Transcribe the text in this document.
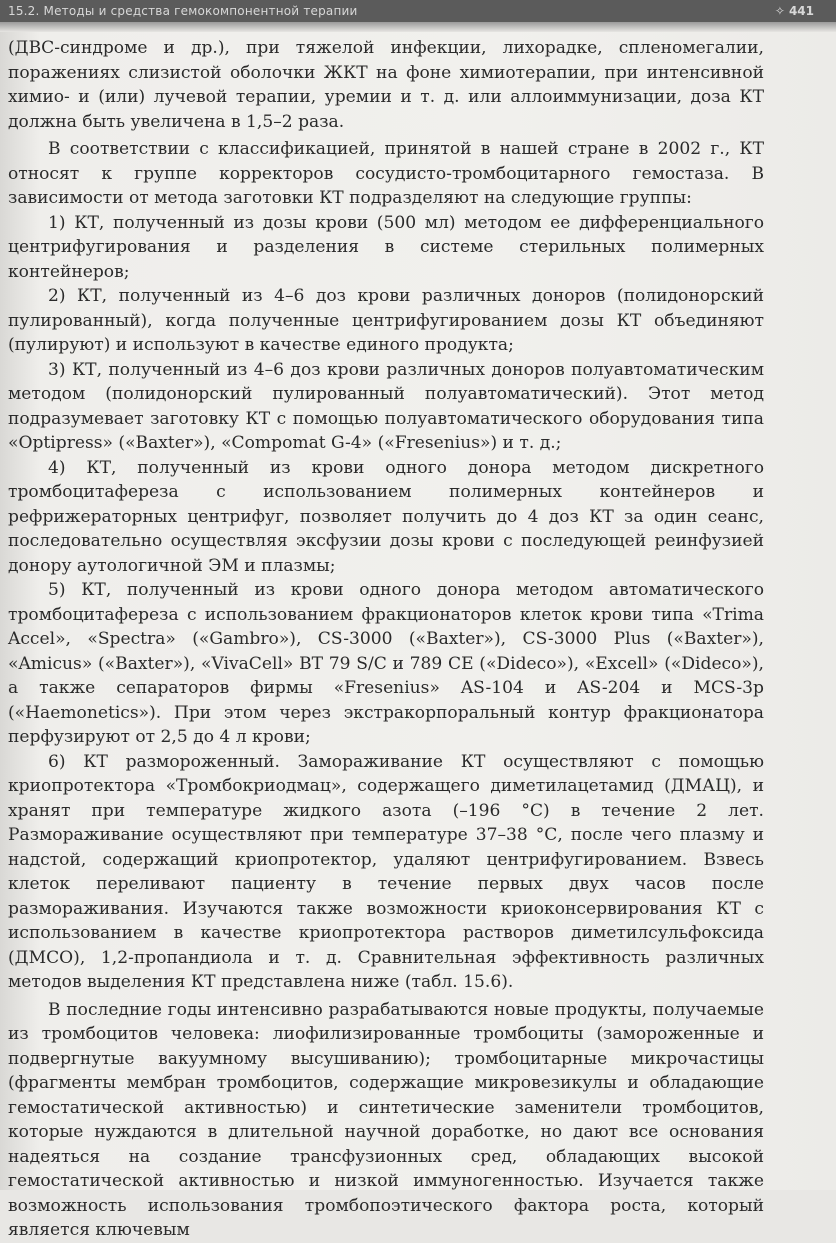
15.2. Методы и средства гемокомпонентной терапии	✧ 441

(ДВС-синдроме и др.), при тяжелой инфекции, лихорадке, спленомегалии, поражениях слизистой оболочки ЖКТ на фоне химиотерапии, при интенсивной химио- и (или) лучевой терапии, уремии и т. д. или аллоиммунизации, доза КТ должна быть увеличена в 1,5–2 раза.

В соответствии с классификацией, принятой в нашей стране в 2002 г., КТ относят к группе корректоров сосудисто-тромбоцитарного гемостаза. В зависимости от метода заготовки КТ подразделяют на следующие группы:

1) КТ, полученный из дозы крови (500 мл) методом ее дифференциального центрифугирования и разделения в системе стерильных полимерных контейнеров;

2) КТ, полученный из 4–6 доз крови различных доноров (полидонорский пулированный), когда полученные центрифугированием дозы КТ объединяют (пулируют) и используют в качестве единого продукта;

3) КТ, полученный из 4–6 доз крови различных доноров полуавтоматическим методом (полидонорский пулированный полуавтоматический). Этот метод подразумевает заготовку КТ с помощью полуавтоматического оборудования типа «Optipress» («Baxter»), «Compomat G-4» («Fresenius») и т. д.;

4) КТ, полученный из крови одного донора методом дискретного тромбоцитафереза с использованием полимерных контейнеров и рефрижераторных центрифуг, позволяет получить до 4 доз КТ за один сеанс, последовательно осуществляя эксфузии дозы крови с последующей реинфузией донору аутологичной ЭМ и плазмы;

5) КТ, полученный из крови одного донора методом автоматического тромбоцитафереза с использованием фракционаторов клеток крови типа «Trima Accel», «Spectra» («Gambro»), CS-3000 («Baxter»), CS-3000 Plus («Baxter»), «Amicus» («Baxter»), «VivaCell» BT 79 S/C и 789 CE («Dideco»), «Excell» («Dideco»), а также сепараторов фирмы «Fresenius» AS-104 и AS-204 и MCS-3p («Haemonetics»). При этом через экстракорпоральный контур фракционатора перфузируют от 2,5 до 4 л крови;

6) КТ размороженный. Замораживание КТ осуществляют с помощью криопротектора «Тромбокриодмац», содержащего диметилацетамид (ДМАЦ), и хранят при температуре жидкого азота (–196 °С) в течение 2 лет. Размораживание осуществляют при температуре 37–38 °С, после чего плазму и надстой, содержащий криопротектор, удаляют центрифугированием. Взвесь клеток переливают пациенту в течение первых двух часов после размораживания. Изучаются также возможности криоконсервирования КТ с использованием в качестве криопротектора растворов диметилсульфоксида (ДМСО), 1,2-пропандиола и т. д. Сравнительная эффективность различных методов выделения КТ представлена ниже (табл. 15.6).

В последние годы интенсивно разрабатываются новые продукты, получаемые из тромбоцитов человека: лиофилизированные тромбоциты (замороженные и подвергнутые вакуумному высушиванию); тромбоцитарные микрочастицы (фрагменты мембран тромбоцитов, содержащие микровезикулы и обладающие гемостатической активностью) и синтетические заменители тромбоцитов, которые нуждаются в длительной научной доработке, но дают все основания надеяться на создание трансфузионных сред, обладающих высокой гемостатической активностью и низкой иммуногенностью. Изучается также возможность использования тромбопоэтического фактора роста, который является ключевым
